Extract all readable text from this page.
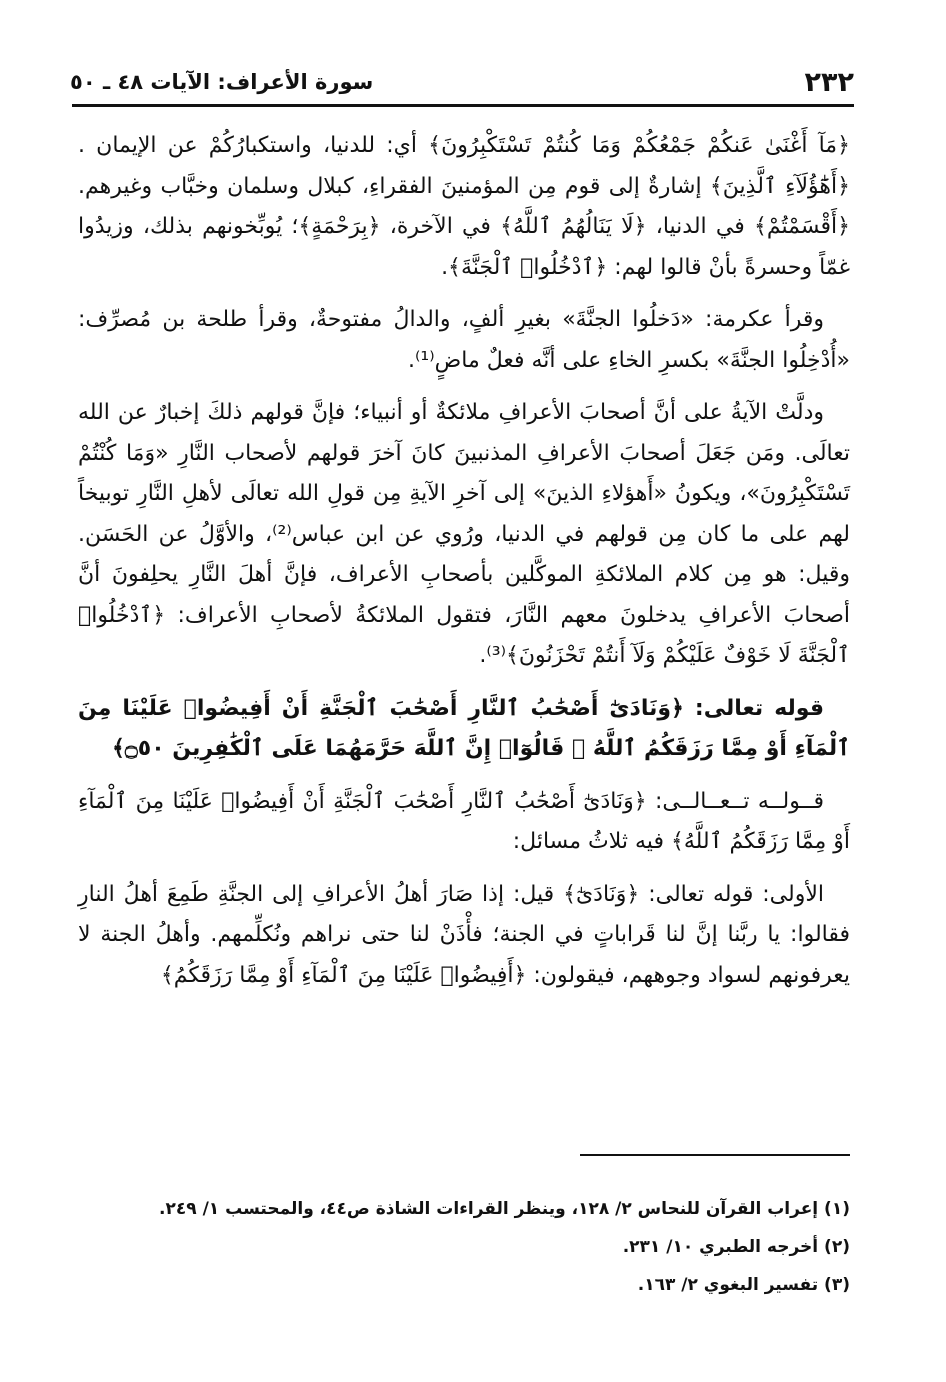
سورة الأعراف: الآيات ٤٨ ـ ٥٠	٢٣٢

﴿مَآ أَغْنَىٰ عَنكُمْ جَمْعُكُمْ وَمَا كُنتُمْ تَسْتَكْبِرُونَ﴾ أي: للدنيا، واستكبارُكُمْ عن الإيمان .﴿أَهَٰٓؤُلَآءِ ٱلَّذِينَ﴾ إشارةٌ إلى قوم مِن المؤمنينَ الفقراءِ، كبلال وسلمان وخبَّاب وغيرهم. ﴿أَقْسَمْتُمْ﴾ في الدنيا، ﴿لَا يَنَالُهُمُ ٱللَّهُ﴾ في الآخرة، ﴿بِرَحْمَةٍ﴾؛ يُوبِّخونهم بذلك، وزيدُوا غمّاً وحسرةً بأنْ قالوا لهم: ﴿ٱدْخُلُوا۟ ٱلْجَنَّةَ﴾.

وقرأ عكرمة: «دَخلُوا الجنَّةَ» بغيرِ ألفٍ، والدالُ مفتوحةٌ، وقرأ طلحة بن مُصرِّف: «أُدْخِلُوا الجنَّةَ» بكسرِ الخاءِ على أنَّه فعلٌ ماضٍ⁽¹⁾.

ودلَّتْ الآيةُ على أنَّ أصحابَ الأعرافِ ملائكةٌ أو أنبياء؛ فإنَّ قولهم ذلكَ إخبارٌ عن الله تعالَى. ومَن جَعَلَ أصحابَ الأعرافِ المذنبينَ كانَ آخرَ قولهم لأصحاب النَّارِ «وَمَا كُنْتُمْ تَسْتَكْبِرُونَ»، ويكونُ «أَهؤلاءِ الذينَ» إلى آخرِ الآيةِ مِن قولِ الله تعالَى لأهلِ النَّارِ توبيخاً لهم على ما كان مِن قولهم في الدنيا، ورُوي عن ابن عباس⁽²⁾، والأوَّلُ عن الحَسَن. وقيل: هو مِن كلام الملائكةِ الموكَّلين بأصحابِ الأعراف، فإنَّ أهلَ النَّارِ يحلِفونَ أنَّ أصحابَ الأعرافِ يدخلونَ معهم النَّارَ، فتقول الملائكةُ لأصحابِ الأعراف: ﴿ٱدْخُلُوا۟ ٱلْجَنَّةَ لَا خَوْفٌ عَلَيْكُمْ وَلَآ أَنتُمْ تَحْزَنُونَ﴾⁽³⁾.

قوله تعالى: ﴿وَنَادَىٰٓ أَصْحَٰبُ ٱلنَّارِ أَصْحَٰبَ ٱلْجَنَّةِ أَنْ أَفِيضُوا۟ عَلَيْنَا مِنَ ٱلْمَآءِ أَوْ مِمَّا رَزَقَكُمُ ٱللَّهُ ۚ قَالُوٓا۟ إِنَّ ٱللَّهَ حَرَّمَهُمَا عَلَى ٱلْكَٰفِرِينَ ۝٥٠﴾

قــولــه تــعــالــى: ﴿وَنَادَىٰٓ أَصْحَٰبُ ٱلنَّارِ أَصْحَٰبَ ٱلْجَنَّةِ أَنْ أَفِيضُوا۟ عَلَيْنَا مِنَ ٱلْمَآءِ أَوْ مِمَّا رَزَقَكُمُ ٱللَّهُ﴾ فيه ثلاثُ مسائل:

الأولى: قوله تعالى: ﴿وَنَادَىٰٓ﴾ قيل: إذا صَارَ أهلُ الأعرافِ إلى الجنَّةِ طَمِعَ أهلُ النارِ فقالوا: يا ربَّنا إنَّ لنا قَراباتٍ في الجنة؛ فأْذَنْ لنا حتى نراهم ونُكلِّمهم. وأهلُ الجنة لا يعرفونهم لسواد وجوههم، فيقولون: ﴿أَفِيضُوا۟ عَلَيْنَا مِنَ ٱلْمَآءِ أَوْ مِمَّا رَزَقَكُمُ﴾

(١) إعراب القرآن للنحاس ٢/ ١٢٨، وينظر القراءات الشاذة ص٤٤، والمحتسب ١/ ٢٤٩.

(٢) أخرجه الطبري ١٠/ ٢٣١.

(٣) تفسير البغوي ٢/ ١٦٣.
